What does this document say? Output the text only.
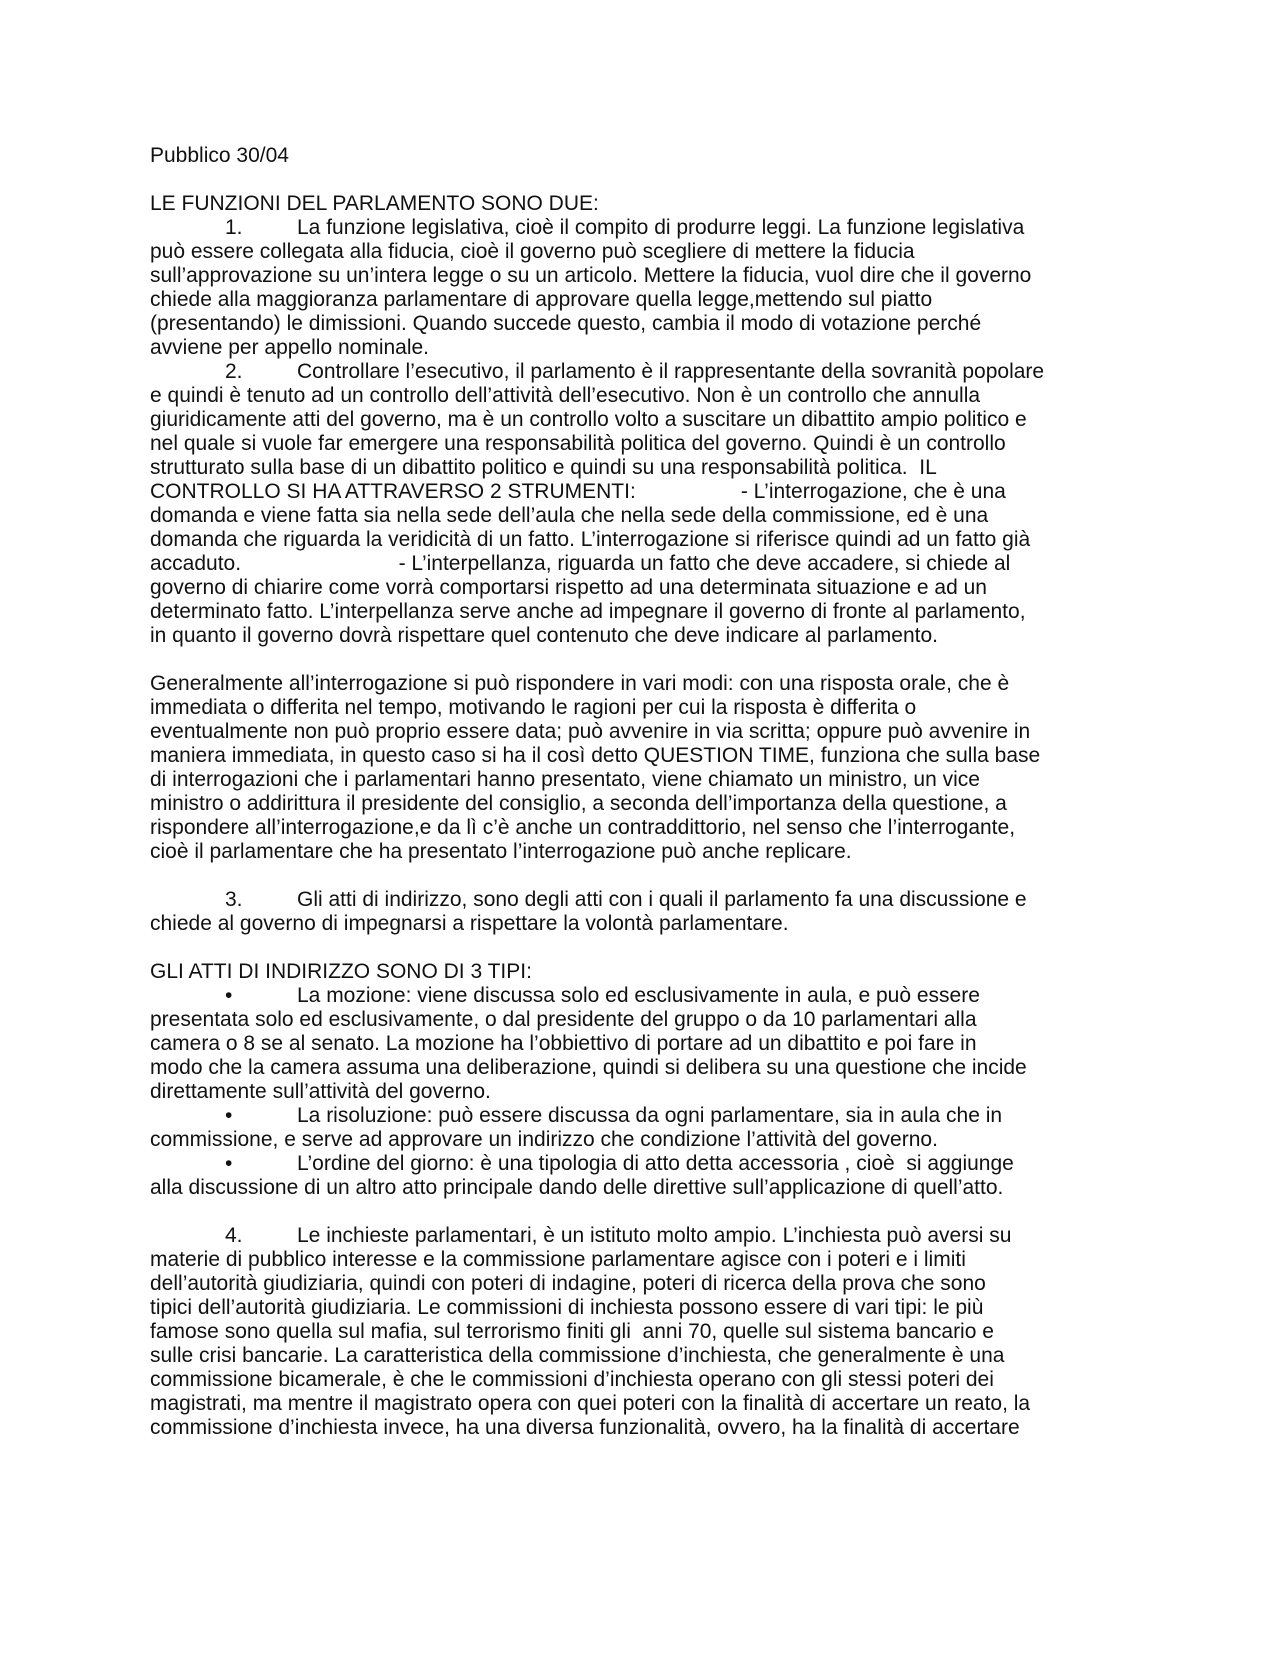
Pubblico 30/04
LE FUNZIONI DEL PARLAMENTO SONO DUE:
1.	La funzione legislativa, cioè il compito di produrre leggi. La funzione legislativa
può essere collegata alla fiducia, cioè il governo può scegliere di mettere la fiducia
sull’approvazione su un’intera legge o su un articolo. Mettere la fiducia, vuol dire che il governo
chiede alla maggioranza parlamentare di approvare quella legge,mettendo sul piatto
(presentando) le dimissioni. Quando succede questo, cambia il modo di votazione perché
avviene per appello nominale.
2.	Controllare l’esecutivo, il parlamento è il rappresentante della sovranità popolare
e quindi è tenuto ad un controllo dell’attività dell’esecutivo. Non è un controllo che annulla
giuridicamente atti del governo, ma è un controllo volto a suscitare un dibattito ampio politico e
nel quale si vuole far emergere una responsabilità politica del governo. Quindi è un controllo
strutturato sulla base di un dibattito politico e quindi su una responsabilità politica.  IL
CONTROLLO SI HA ATTRAVERSO 2 STRUMENTI:                  - L’interrogazione, che è una
domanda e viene fatta sia nella sede dell’aula che nella sede della commissione, ed è una
domanda che riguarda la veridicità di un fatto. L’interrogazione si riferisce quindi ad un fatto già
accaduto.                           - L’interpellanza, riguarda un fatto che deve accadere, si chiede al
governo di chiarire come vorrà comportarsi rispetto ad una determinata situazione e ad un
determinato fatto. L’interpellanza serve anche ad impegnare il governo di fronte al parlamento,
in quanto il governo dovrà rispettare quel contenuto che deve indicare al parlamento.
Generalmente all’interrogazione si può rispondere in vari modi: con una risposta orale, che è
immediata o differita nel tempo, motivando le ragioni per cui la risposta è differita o
eventualmente non può proprio essere data; può avvenire in via scritta; oppure può avvenire in
maniera immediata, in questo caso si ha il così detto QUESTION TIME, funziona che sulla base
di interrogazioni che i parlamentari hanno presentato, viene chiamato un ministro, un vice
ministro o addirittura il presidente del consiglio, a seconda dell’importanza della questione, a
rispondere all’interrogazione,e da lì c’è anche un contraddittorio, nel senso che l’interrogante,
cioè il parlamentare che ha presentato l’interrogazione può anche replicare.
3.	Gli atti di indirizzo, sono degli atti con i quali il parlamento fa una discussione e
chiede al governo di impegnarsi a rispettare la volontà parlamentare.
GLI ATTI DI INDIRIZZO SONO DI 3 TIPI:
•	La mozione: viene discussa solo ed esclusivamente in aula, e può essere
presentata solo ed esclusivamente, o dal presidente del gruppo o da 10 parlamentari alla
camera o 8 se al senato. La mozione ha l’obbiettivo di portare ad un dibattito e poi fare in
modo che la camera assuma una deliberazione, quindi si delibera su una questione che incide
direttamente sull’attività del governo.
•	La risoluzione: può essere discussa da ogni parlamentare, sia in aula che in
commissione, e serve ad approvare un indirizzo che condizione l’attività del governo.
•	L’ordine del giorno: è una tipologia di atto detta accessoria , cioè  si aggiunge
alla discussione di un altro atto principale dando delle direttive sull’applicazione di quell’atto.
4.	Le inchieste parlamentari, è un istituto molto ampio. L’inchiesta può aversi su
materie di pubblico interesse e la commissione parlamentare agisce con i poteri e i limiti
dell’autorità giudiziaria, quindi con poteri di indagine, poteri di ricerca della prova che sono
tipici dell’autorità giudiziaria. Le commissioni di inchiesta possono essere di vari tipi: le più
famose sono quella sul mafia, sul terrorismo finiti gli  anni 70, quelle sul sistema bancario e
sulle crisi bancarie. La caratteristica della commissione d’inchiesta, che generalmente è una
commissione bicamerale, è che le commissioni d’inchiesta operano con gli stessi poteri dei
magistrati, ma mentre il magistrato opera con quei poteri con la finalità di accertare un reato, la
commissione d’inchiesta invece, ha una diversa funzionalità, ovvero, ha la finalità di accertare
